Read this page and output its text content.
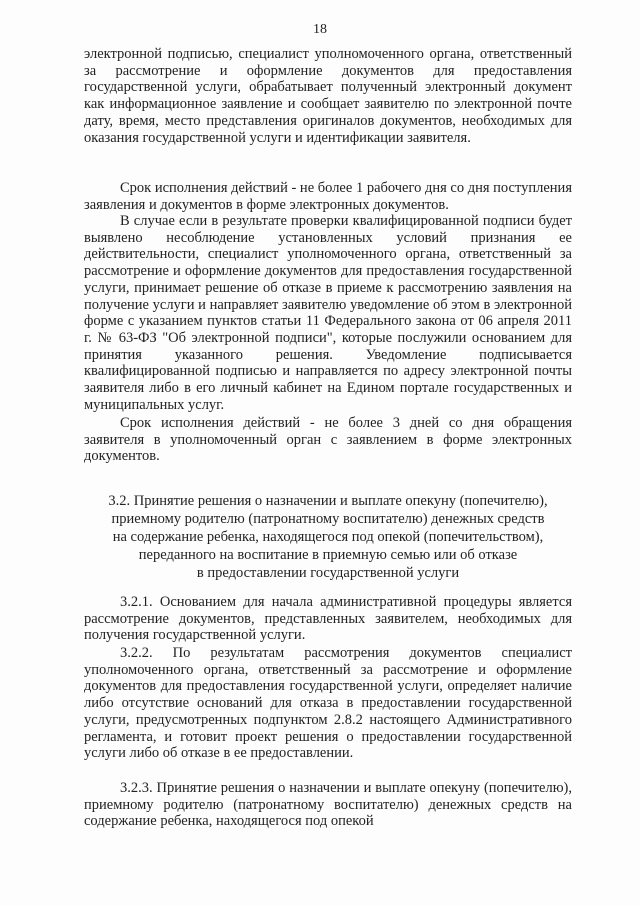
18

электронной подписью, специалист уполномоченного органа, ответственный за рассмотрение и оформление документов для предоставления государственной услуги, обрабатывает полученный электронный документ как информационное заявление и сообщает заявителю по электронной почте дату, время, место представления оригиналов документов, необходимых для оказания государственной услуги и идентификации заявителя.

Срок исполнения действий - не более 1 рабочего дня со дня поступления заявления и документов в форме электронных документов.

В случае если в результате проверки квалифицированной подписи будет выявлено несоблюдение установленных условий признания ее действительности, специалист уполномоченного органа, ответственный за рассмотрение и оформление документов для предоставления государственной услуги, принимает решение об отказе в приеме к рассмотрению заявления на получение услуги и направляет заявителю уведомление об этом в электронной форме с указанием пунктов статьи 11 Федерального закона от 06 апреля 2011 г. № 63-ФЗ "Об электронной подписи", которые послужили основанием для принятия указанного решения. Уведомление подписывается квалифицированной подписью и направляется по адресу электронной почты заявителя либо в его личный кабинет на Едином портале государственных и муниципальных услуг.

Срок исполнения действий - не более 3 дней со дня обращения заявителя в уполномоченный орган с заявлением в форме электронных документов.

3.2. Принятие решения о назначении и выплате опекуну (попечителю),
приемному родителю (патронатному воспитателю) денежных средств
на содержание ребенка, находящегося под опекой (попечительством),
переданного на воспитание в приемную семью или об отказе
в предоставлении государственной услуги

3.2.1. Основанием для начала административной процедуры является рассмотрение документов, представленных заявителем, необходимых для получения государственной услуги.

3.2.2. По результатам рассмотрения документов специалист уполномоченного органа, ответственный за рассмотрение и оформление документов для предоставления государственной услуги, определяет наличие либо отсутствие оснований для отказа в предоставлении государственной услуги, предусмотренных подпунктом 2.8.2 настоящего Административного регламента, и готовит проект решения о предоставлении государственной услуги либо об отказе в ее предоставлении.

3.2.3. Принятие решения о назначении и выплате опекуну (попечителю), приемному родителю (патронатному воспитателю) денежных средств на содержание ребенка, находящегося под опекой
